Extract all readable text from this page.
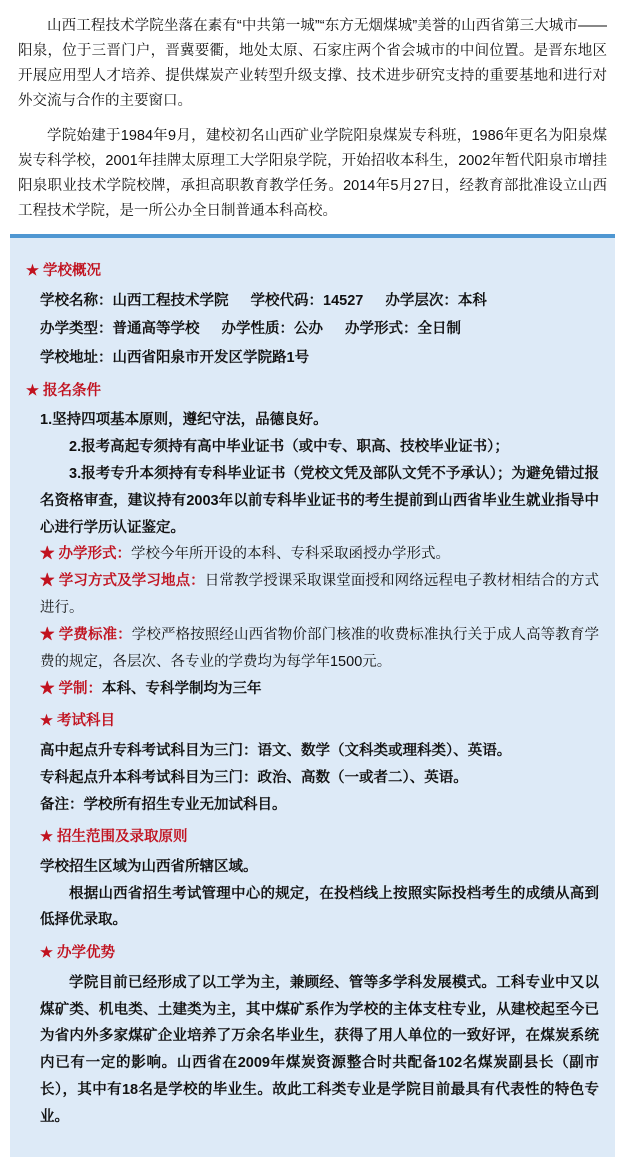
山西工程技术学院坐落在素有“中共第一城”“东方无烟煤城”美誉的山西省第三大城市——阳泉，位于三晋门户，晋冀要衢，地处太原、石家庄两个省会城市的中间位置。是晋东地区开展应用型人才培养、提供煤炭产业转型升级支撑、技术进步研究支持的重要基地和进行对外交流与合作的主要窗口。

学院始建于1984年9月，建校初名山西矿业学院阳泉煤炭专科班，1986年更名为阳泉煤炭专科学校，2001年挂牌太原理工大学阳泉学院，开始招收本科生，2002年暂代阳泉市增挂阳泉职业技术学院校牌，承担高职教育教学任务。2014年5月27日，经教育部批准设立山西工程技术学院，是一所公办全日制普通本科高校。

★ 学校概况
学校名称：山西工程技术学院 学校代码：14527 办学层次：本科
办学类型：普通高等学校 办学性质：公办 办学形式：全日制
学校地址：山西省阳泉市开发区学院路1号
★ 报名条件

1.坚持四项基本原则，遵纪守法，品德良好。

2.报考高起专须持有高中毕业证书（或中专、职高、技校毕业证书）；

3.报考专升本须持有专科毕业证书（党校文凭及部队文凭不予承认）；为避免错过报名资格审查，建议持有2003年以前专科毕业证书的考生提前到山西省毕业生就业指导中心进行学历认证鉴定。

★ 办学形式：学校今年所开设的本科、专科采取函授办学形式。

★ 学习方式及学习地点：日常教学授课采取课堂面授和网络远程电子教材相结合的方式进行。

★ 学费标准：学校严格按照经山西省物价部门核准的收费标准执行关于成人高等教育学费的规定，各层次、各专业的学费均为每学年1500元。

★ 学制：本科、专科学制均为三年

★ 考试科目

高中起点升专科考试科目为三门：语文、数学（文科类或理科类）、英语。

专科起点升本科考试科目为三门：政治、高数（一或者二）、英语。

备注：学校所有招生专业无加试科目。

★ 招生范围及录取原则

学校招生区域为山西省所辖区域。

根据山西省招生考试管理中心的规定，在投档线上按照实际投档考生的成绩从高到低择优录取。

★ 办学优势

学院目前已经形成了以工学为主，兼顾经、管等多学科发展模式。工科专业中又以煤矿类、机电类、土建类为主，其中煤矿系作为学校的主体支柱专业，从建校起至今已为省内外多家煤矿企业培养了万余名毕业生，获得了用人单位的一致好评，在煤炭系统内已有一定的影响。山西省在2009年煤炭资源整合时共配备102名煤炭副县长（副市长），其中有18名是学校的毕业生。故此工科类专业是学院目前最具有代表性的特色专业。
